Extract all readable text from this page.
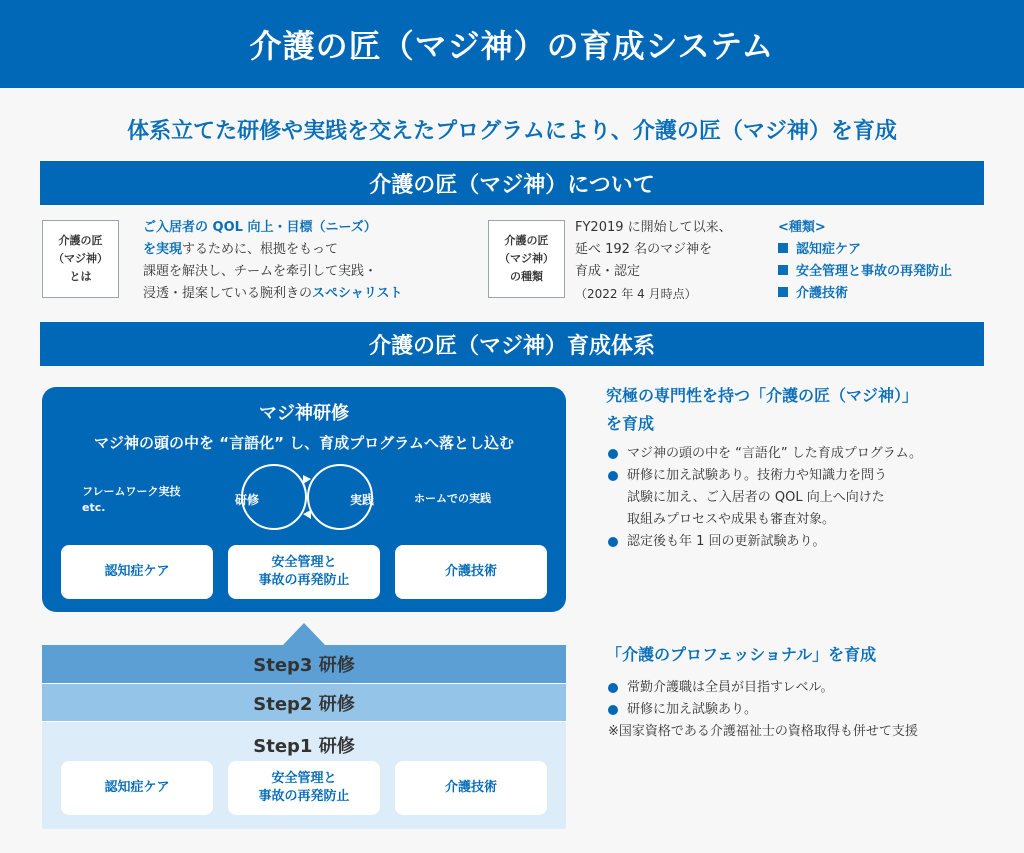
介護の匠（マジ神）の育成システム
体系立てた研修や実践を交えたプログラムにより、介護の匠（マジ神）を育成
介護の匠（マジ神）について
介護の匠
（マジ神）
とは
ご入居者の QOL 向上・目標（ニーズ）
を実現するために、根拠をもって
課題を解決し、チームを牽引して実践・
浸透・提案している腕利きのスペシャリスト
介護の匠
（マジ神）
の種類
FY2019 に開始して以来、
延べ 192 名のマジ神を
育成・認定
（2022 年 4 月時点）
<種類>
認知症ケア
安全管理と事故の再発防止
介護技術
介護の匠（マジ神）育成体系
マジ神研修
マジ神の頭の中を “言語化” し、育成プログラムへ落とし込む
フレームワーク実技
etc.
ホームでの実践
研修	実践
認知症ケア
安全管理と
事故の再発防止
介護技術
Step3 研修
Step2 研修
Step1 研修
認知症ケア
安全管理と
事故の再発防止
介護技術
究極の専門性を持つ「介護の匠（マジ神）」
を育成
マジ神の頭の中を “言語化” した育成プログラム。
研修に加え試験あり。技術力や知識力を問う
試験に加え、ご入居者の QOL 向上へ向けた
取組みプロセスや成果も審査対象。
認定後も年 1 回の更新試験あり。
「介護のプロフェッショナル」を育成
常勤介護職は全員が目指すレベル。
研修に加え試験あり。
※国家資格である介護福祉士の資格取得も併せて支援
